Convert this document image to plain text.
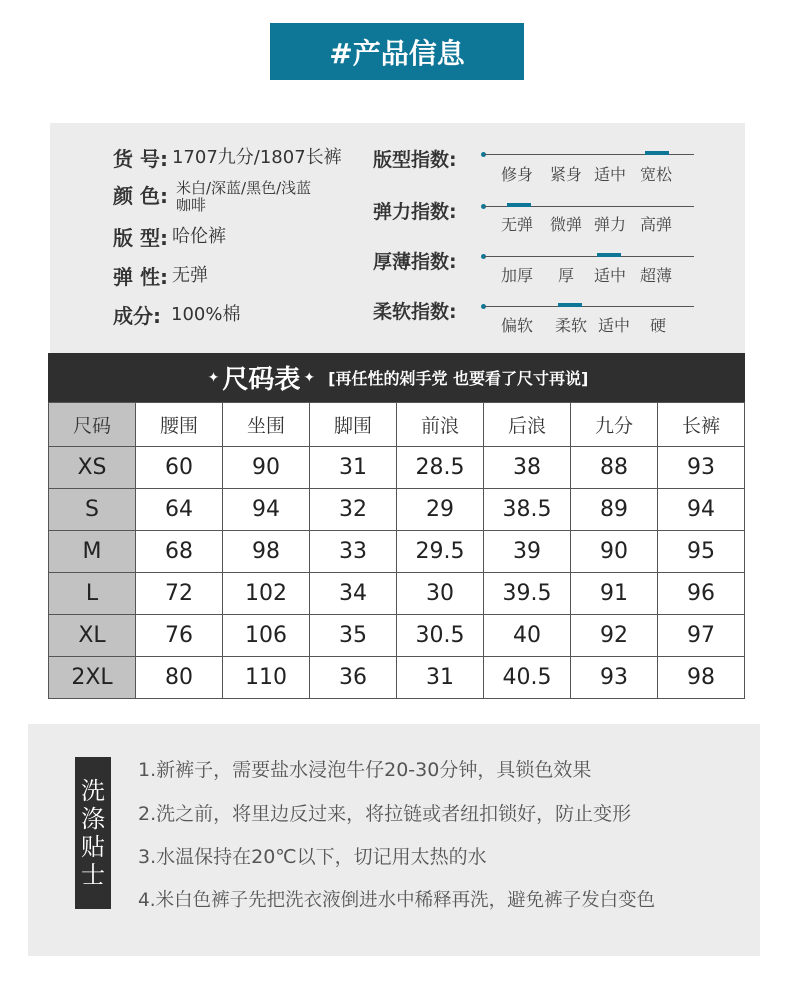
#产品信息
货 号: 1707九分/1807长裤
颜 色: 米白/深蓝/黑色/浅蓝
咖啡
版 型: 哈伦裤
弹 性: 无弹
成分: 100%棉
版型指数:
修身 紧身 适中 宽松
弹力指数:
无弹 微弹 弹力 高弹
厚薄指数:
加厚 厚 适中 超薄
柔软指数:
偏软 柔软 适中 硬
✦ 尺码表 ✦ [再任性的剁手党 也要看了尺寸再说]
尺码	腰围	坐围	脚围	前浪	后浪	九分	长裤
XS	60	90	31	28.5	38	88	93
S	64	94	32	29	38.5	89	94
M	68	98	33	29.5	39	90	95
L	72	102	34	30	39.5	91	96
XL	76	106	35	30.5	40	92	97
2XL	80	110	36	31	40.5	93	98
洗
涤
贴
士
1.新裤子，需要盐水浸泡牛仔20-30分钟，具锁色效果
2.洗之前，将里边反过来，将拉链或者纽扣锁好，防止变形
3.水温保持在20℃以下，切记用太热的水
4.米白色裤子先把洗衣液倒进水中稀释再洗，避免裤子发白变色
